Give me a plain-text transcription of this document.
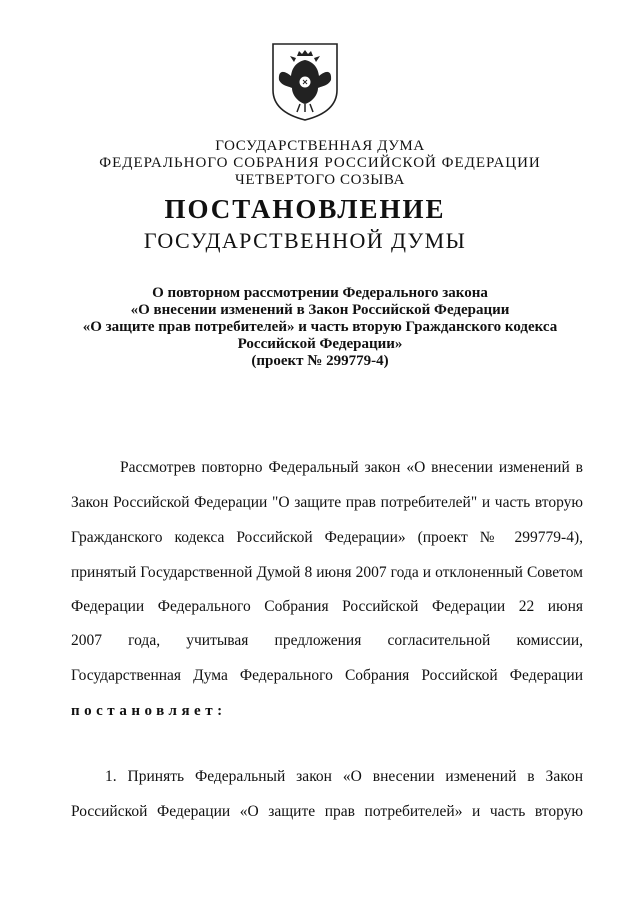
ГОСУДАРСТВЕННАЯ ДУМА
ФЕДЕРАЛЬНОГО СОБРАНИЯ РОССИЙСКОЙ ФЕДЕРАЦИИ
ЧЕТВЕРТОГО СОЗЫВА
ПОСТАНОВЛЕНИЕ
ГОСУДАРСТВЕННОЙ ДУМЫ
О повторном рассмотрении Федерального закона
«О внесении изменений в Закон Российской Федерации
«О защите прав потребителей» и часть вторую Гражданского кодекса
Российской Федерации»
(проект № 299779-4)
Рассмотрев повторно Федеральный закон «О внесении изменений в
Закон Российской Федерации "О защите прав потребителей" и часть вторую
Гражданского кодекса Российской Федерации» (проект № 299779-4),
принятый Государственной Думой 8 июня 2007 года и отклоненный Советом
Федерации Федерального Собрания Российской Федерации 22 июня
2007 года, учитывая предложения согласительной комиссии,
Государственная Дума Федерального Собрания Российской Федерации
постановляет:
1. Принять Федеральный закон «О внесении изменений в Закон
Российской Федерации «О защите прав потребителей» и часть вторую
